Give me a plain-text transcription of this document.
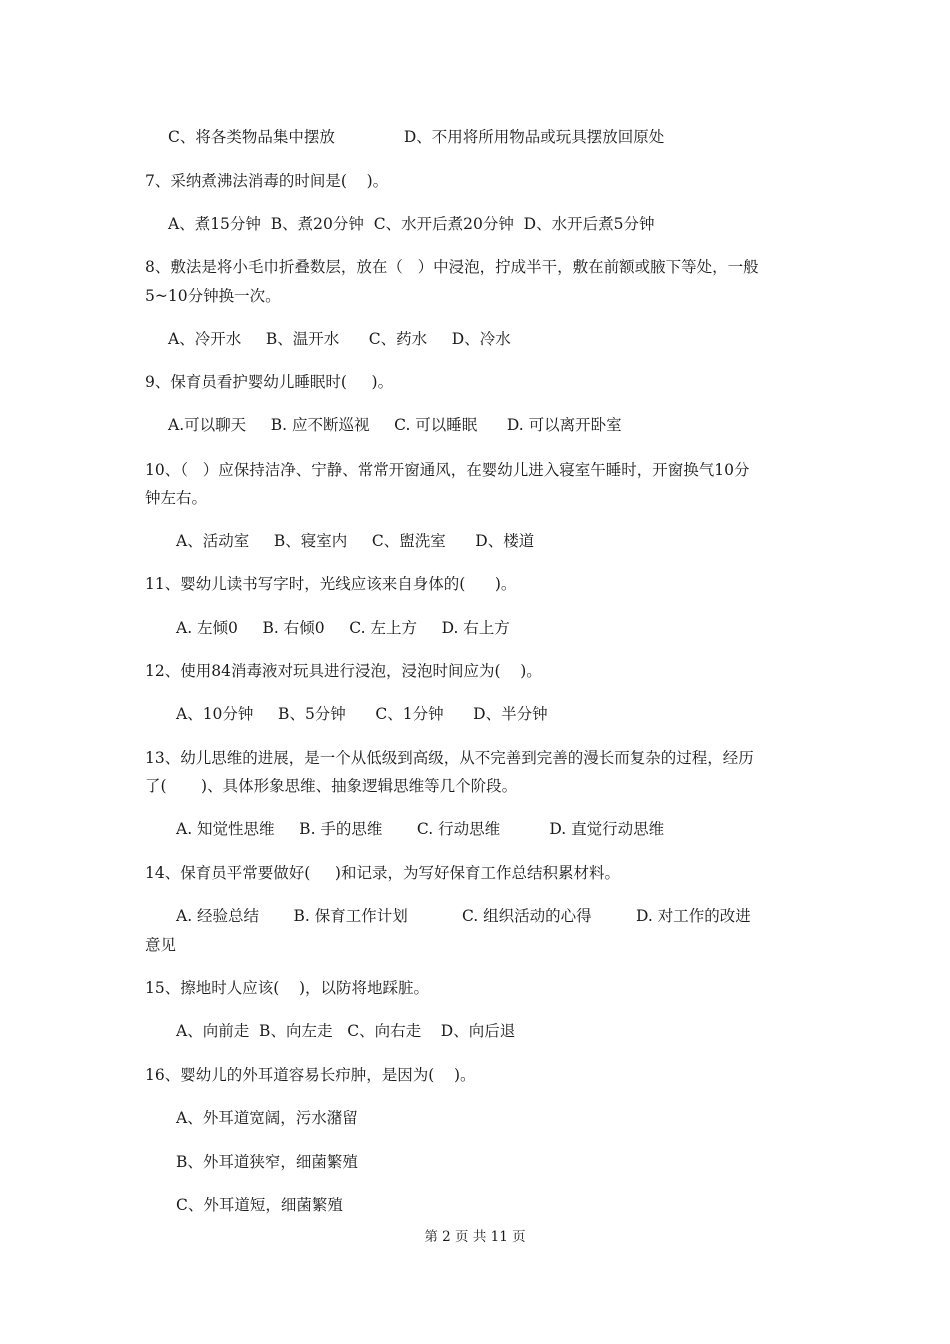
C、将各类物品集中摆放              D、不用将所用物品或玩具摆放回原处
7、采纳煮沸法消毒的时间是(    )。
A、煮15分钟  B、煮20分钟  C、水开后煮20分钟  D、水开后煮5分钟
8、敷法是将小毛巾折叠数层，放在（   ）中浸泡，拧成半干，敷在前额或腋下等处，一般
5~10分钟换一次。
A、冷开水     B、温开水      C、药水     D、冷水
9、保育员看护婴幼儿睡眠时(     )。
A.可以聊天     B. 应不断巡视     C. 可以睡眠      D. 可以离开卧室
10、（   ）应保持洁净、宁静、常常开窗通风，在婴幼儿进入寝室午睡时，开窗换气10分
钟左右。
A、活动室     B、寝室内     C、盥洗室      D、楼道
11、婴幼儿读书写字时，光线应该来自身体的(      )。
A. 左倾0     B. 右倾0     C. 左上方     D. 右上方
12、使用84消毒液对玩具进行浸泡，浸泡时间应为(    )。
A、10分钟     B、5分钟      C、1分钟      D、半分钟
13、幼儿思维的进展，是一个从低级到高级，从不完善到完善的漫长而复杂的过程，经历
了(       )、具体形象思维、抽象逻辑思维等几个阶段。
A. 知觉性思维     B. 手的思维       C. 行动思维          D. 直觉行动思维
14、保育员平常要做好(     )和记录，为写好保育工作总结积累材料。
A. 经验总结       B. 保育工作计划           C. 组织活动的心得         D. 对工作的改进
意见
15、擦地时人应该(    )，以防将地踩脏。
A、向前走  B、向左走   C、向右走    D、向后退
16、婴幼儿的外耳道容易长疖肿，是因为(    )。
A、外耳道宽阔，污水潴留
B、外耳道狭窄，细菌繁殖
C、外耳道短，细菌繁殖
第 2 页 共 11 页
